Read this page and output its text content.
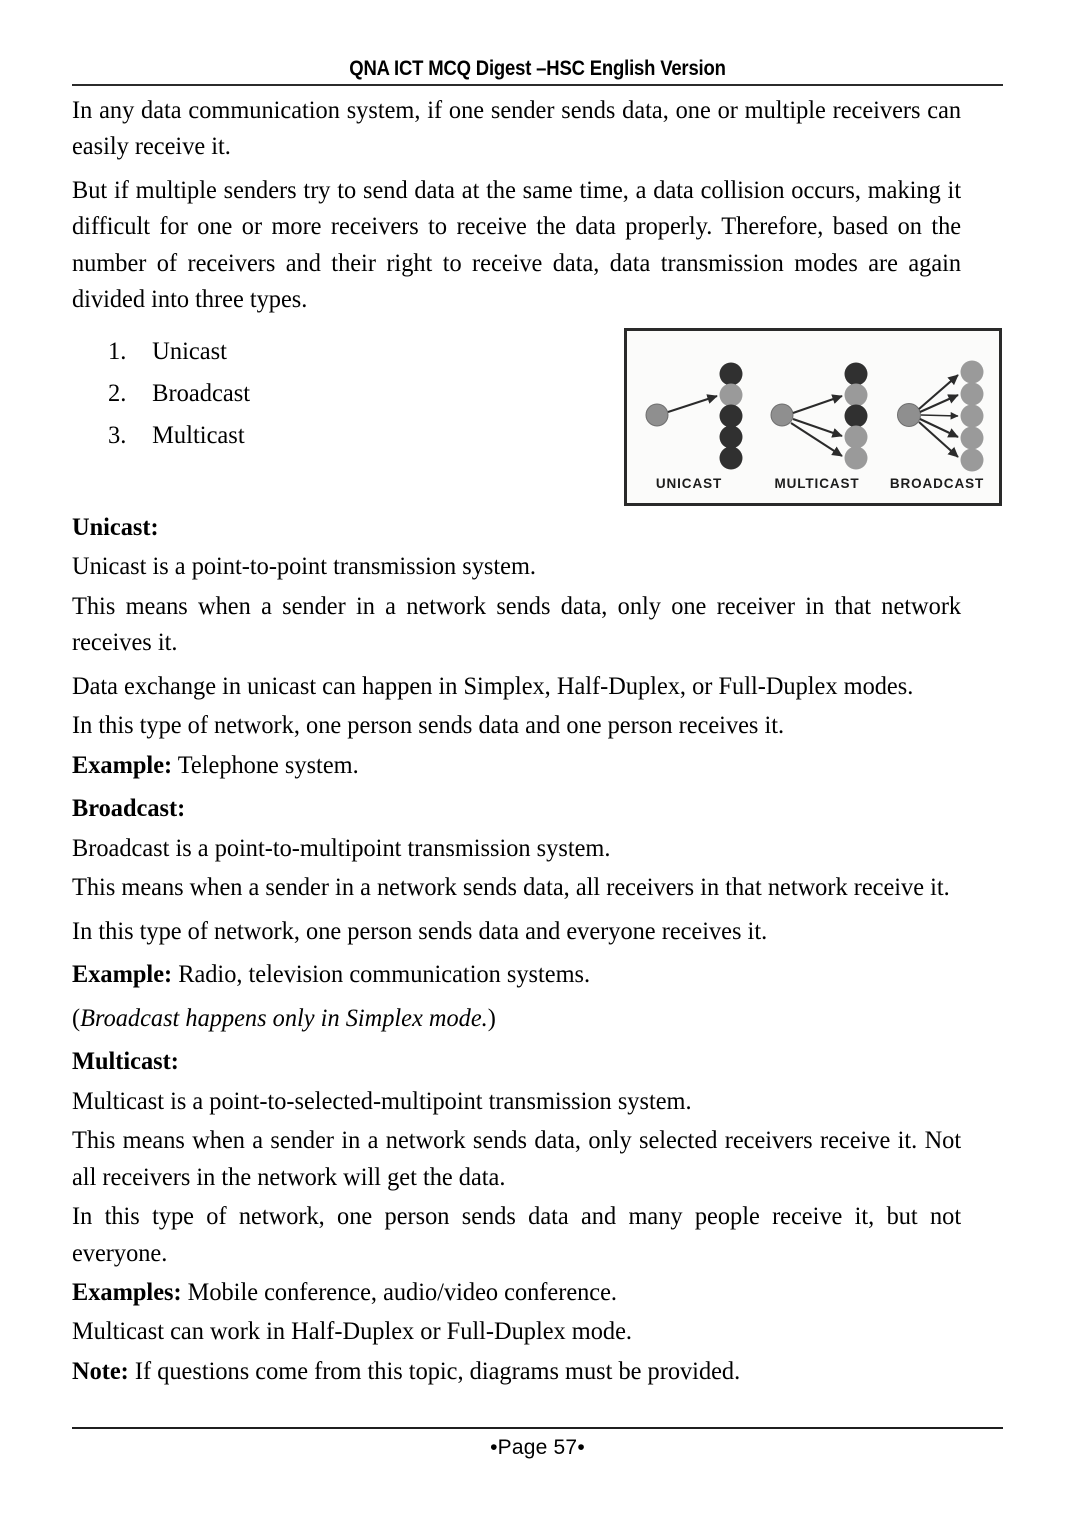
QNA ICT MCQ Digest –HSC English Version

In any data communication system, if one sender sends data, one or multiple receivers can easily receive it.

But if multiple senders try to send data at the same time, a data collision occurs, making it difficult for one or more receivers to receive the data properly. Therefore, based on the number of receivers and their right to receive data, data transmission modes are again divided into three types.

Unicast
Broadcast
Multicast

Unicast:

Unicast is a point-to-point transmission system.

This means when a sender in a network sends data, only one receiver in that network receives it.

Data exchange in unicast can happen in Simplex, Half-Duplex, or Full-Duplex modes.

In this type of network, one person sends data and one person receives it.

Example: Telephone system.

Broadcast:

Broadcast is a point-to-multipoint transmission system.

This means when a sender in a network sends data, all receivers in that network receive it.

In this type of network, one person sends data and everyone receives it.

Example: Radio, television communication systems.

(Broadcast happens only in Simplex mode.)

Multicast:

Multicast is a point-to-selected-multipoint transmission system.

This means when a sender in a network sends data, only selected receivers receive it. Not all receivers in the network will get the data.

In this type of network, one person sends data and many people receive it, but not everyone.

Examples: Mobile conference, audio/video conference.

Multicast can work in Half-Duplex or Full-Duplex mode.

Note: If questions come from this topic, diagrams must be provided.

UNICAST	MULTICAST BROADCAST
•Page 57•
